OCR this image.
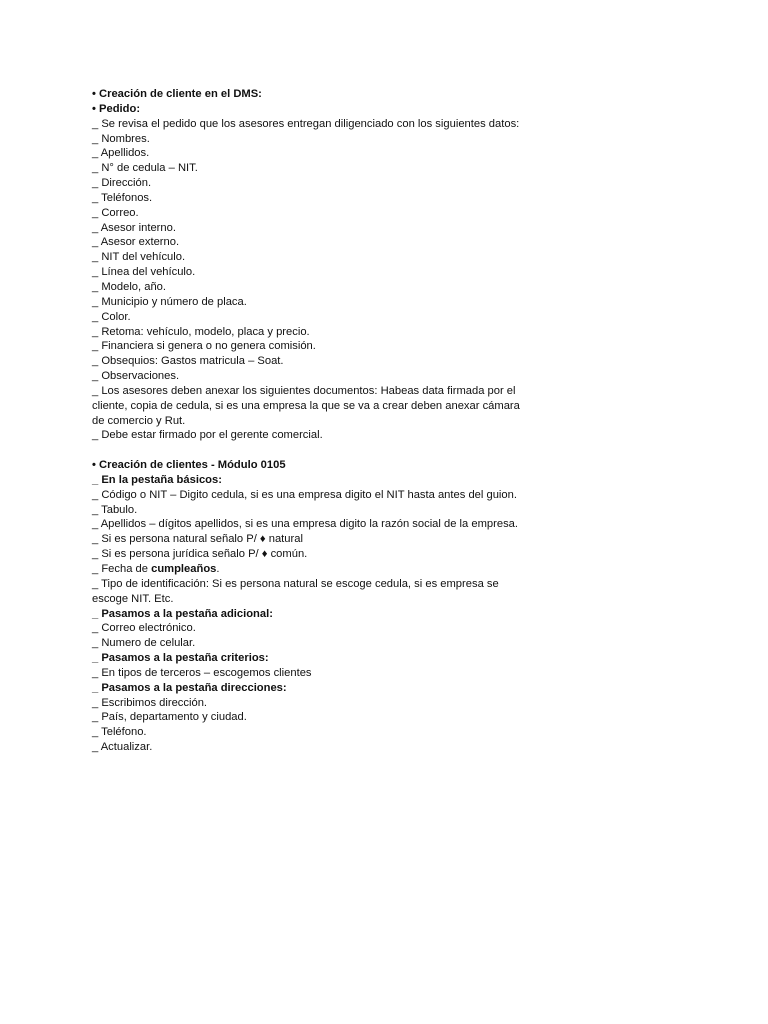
• Creación de cliente en el DMS:
• Pedido:
_ Se revisa el pedido que los asesores entregan diligenciado con los siguientes datos:
_ Nombres.
_ Apellidos.
_ N° de cedula – NIT.
_ Dirección.
_ Teléfonos.
_ Correo.
_ Asesor interno.
_ Asesor externo.
_ NIT del vehículo.
_ Línea del vehículo.
_ Modelo, año.
_ Municipio y número de placa.
_ Color.
_ Retoma: vehículo, modelo, placa y precio.
_ Financiera si genera o no genera comisión.
_ Obsequios: Gastos matricula – Soat.
_ Observaciones.
_ Los asesores deben anexar los siguientes documentos: Habeas data firmada por el cliente, copia de cedula, si es una empresa la que se va a crear deben anexar cámara de comercio y Rut.
_ Debe estar firmado por el gerente comercial.
• Creación de clientes - Módulo 0105
_ En la pestaña básicos:
_ Código o NIT – Digito cedula, si es una empresa digito el NIT hasta antes del guion.
_ Tabulo.
_ Apellidos – dígitos apellidos, si es una empresa digito la razón social de la empresa.
_ Si es persona natural señalo P/ ♦ natural
_ Si es persona jurídica señalo P/ ♦ común.
_ Fecha de cumpleaños.
_ Tipo de identificación: Si es persona natural se escoge cedula, si es empresa se escoge NIT. Etc.
_ Pasamos a la pestaña adicional:
_ Correo electrónico.
_ Numero de celular.
_ Pasamos a la pestaña criterios:
_ En tipos de terceros – escogemos clientes
_ Pasamos a la pestaña direcciones:
_ Escribimos dirección.
_ País, departamento y ciudad.
_ Teléfono.
_ Actualizar.
